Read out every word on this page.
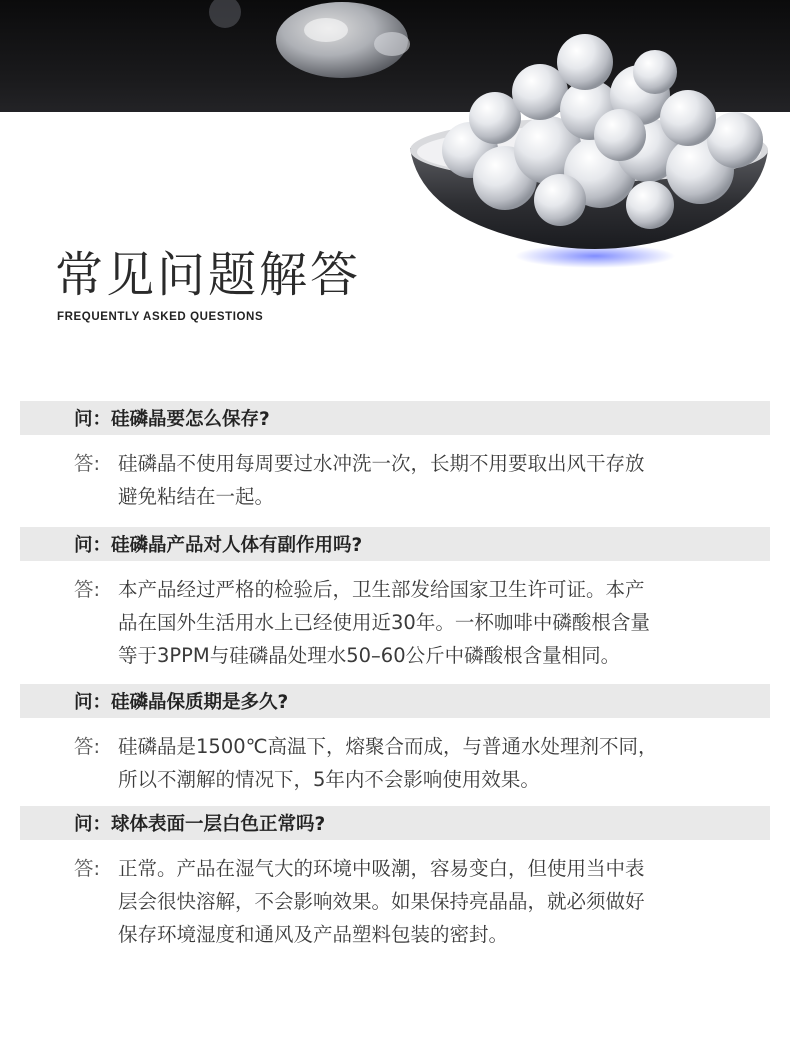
常见问题解答
FREQUENTLY ASKED QUESTIONS
问：硅磷晶要怎么保存?
答: 硅磷晶不使用每周要过水冲洗一次，长期不用要取出风干存放
避免粘结在一起。
问：硅磷晶产品对人体有副作用吗?
答: 本产品经过严格的检验后，卫生部发给国家卫生许可证。本产
品在国外生活用水上已经使用近30年。一杯咖啡中磷酸根含量
等于3PPM与硅磷晶处理水50–60公斤中磷酸根含量相同。
问：硅磷晶保质期是多久?
答: 硅磷晶是1500℃高温下，熔聚合而成，与普通水处理剂不同，
所以不潮解的情况下，5年内不会影响使用效果。
问：球体表面一层白色正常吗?
答: 正常。产品在湿气大的环境中吸潮，容易变白，但使用当中表
层会很快溶解，不会影响效果。如果保持亮晶晶，就必须做好
保存环境湿度和通风及产品塑料包装的密封。
